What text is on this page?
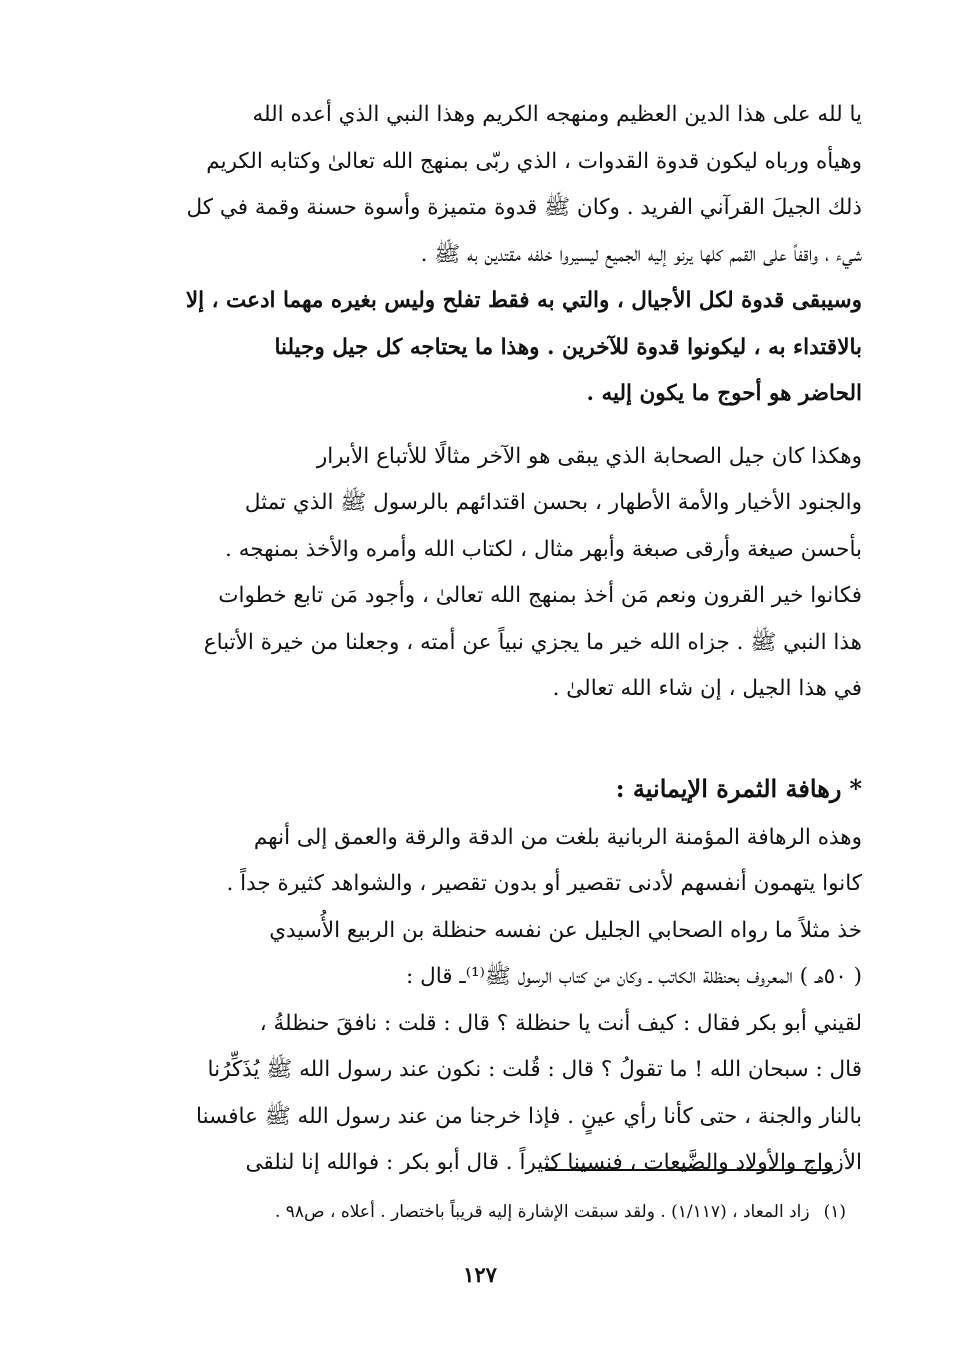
يا لله على هذا الدين العظيم ومنهجه الكريم وهذا النبي الذي أعده الله
وهيأه ورباه ليكون قدوة القدوات ، الذي ربّى بمنهج الله تعالىٰ وكتابه الكريم
ذلك الجيلَ القرآني الفريد . وكان ﷺ قدوة متميزة وأسوة حسنة وقمة في كل
شيء ، واقفاً على القمم كلها يرنو إليه الجميع ليسيروا خلفه مقتدين به ﷺ .
وسيبقى قدوة لكل الأجيال ، والتي به فقط تفلح وليس بغيره مهما ادعت ، إلا
بالاقتداء به ، ليكونوا قدوة للآخرين . وهذا ما يحتاجه كل جيل وجيلنا
الحاضر هو أحوج ما يكون إليه .
وهكذا كان جيل الصحابة الذي يبقى هو الآخر مثالًا للأتباع الأبرار
والجنود الأخيار والأمة الأطهار ، بحسن اقتدائهم بالرسول ﷺ الذي تمثل
بأحسن صيغة وأرقى صبغة وأبهر مثال ، لكتاب الله وأمره والأخذ بمنهجه .
فكانوا خير القرون ونعم مَن أخذ بمنهج الله تعالىٰ ، وأجود مَن تابع خطوات
هذا النبي ﷺ . جزاه الله خير ما يجزي نبياً عن أمته ، وجعلنا من خيرة الأتباع
في هذا الجيل ، إن شاء الله تعالىٰ .
*رهافة الثمرة الإيمانية :
وهذه الرهافة المؤمنة الربانية بلغت من الدقة والرقة والعمق إلى أنهم
كانوا يتهمون أنفسهم لأدنى تقصير أو بدون تقصير ، والشواهد كثيرة جداً .
خذ مثلاً ما رواه الصحابي الجليل عن نفسه حنظلة بن الربيع الأُسيدي
( ٥٠هـ ) المعروف بحنظلة الكاتب ـ وكان من كتاب الرسول ﷺ⁽¹⁾ـ قال :
لقيني أبو بكر فقال : كيف أنت يا حنظلة ؟ قال : قلت : نافقَ حنظلةُ ،
قال : سبحان الله ! ما تقولُ ؟ قال : قُلت : نكون عند رسول الله ﷺ يُذَكِّرُنا
بالنار والجنة ، حتى كأنا رأي عينٍ . فإذا خرجنا من عند رسول الله ﷺ عافسنا
الأزواج والأولاد والضَّيعات ، فنسينا كثيراً . قال أبو بكر : فوالله إنا لنلقى
(١)زاد المعاد ، (١/١١٧) . ولقد سبقت الإشارة إليه قريباً باختصار . أعلاه ، ص٩٨ .
١٢٧
